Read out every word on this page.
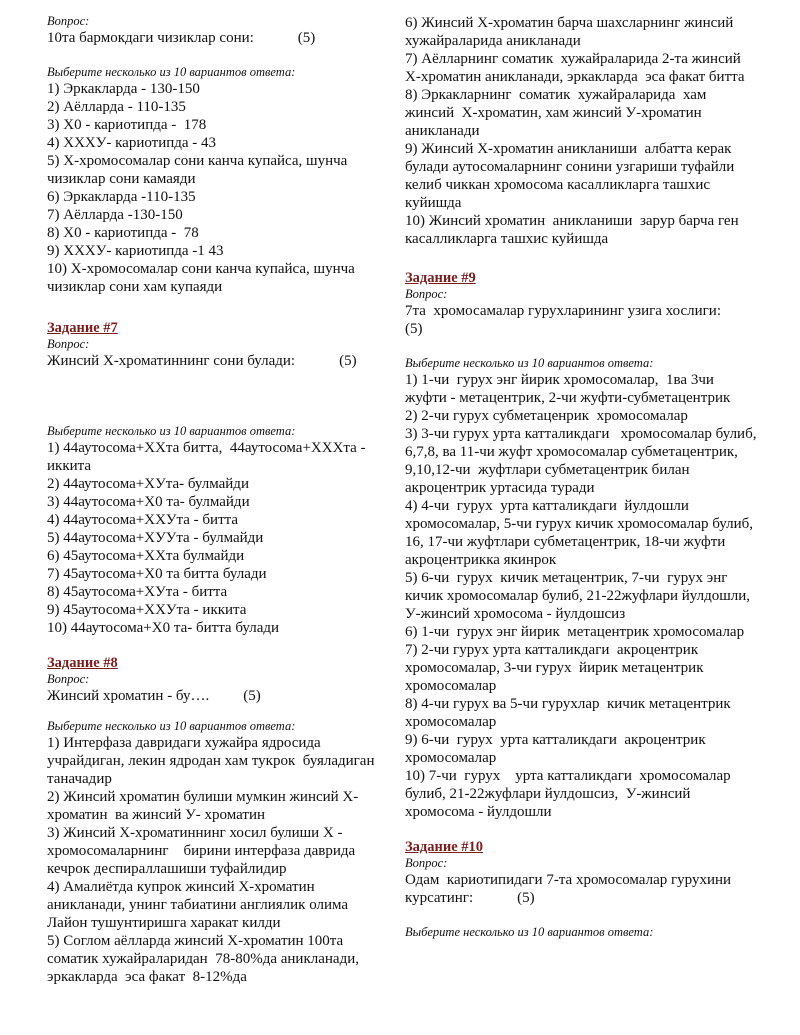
Вопрос:

10та бармокдаги чизиклар сони:	(5)

Выберите несколько из 10 вариантов ответа:

1) Эркакларда - 130-150

2) Аёлларда - 110-135

3) Х0 - кариотипда -  178

4) ХХХУ- кариотипда - 43

5) Х-хромосомалар сони канча купайса, шунча чизиклар сони камаяди

6) Эркакларда -110-135

7) Аёлларда -130-150

8) Х0 - кариотипда -  78

9) ХХХУ- кариотипда -1 43

10) Х-хромосомалар сони канча купайса, шунча чизиклар сони хам купаяди

Задание #7

Вопрос:

Жинсий Х-хроматиннинг сони булади:	(5)

Выберите несколько из 10 вариантов ответа:

1) 44аутосома+ХХта битта,  44аутосома+ХХХта - иккита

2) 44аутосома+ХУта- булмайди

3) 44аутосома+Х0 та- булмайди

4) 44аутосома+ХХУта - битта

5) 44аутосома+ХУУта - булмайди

6) 45аутосома+ХХта булмайди

7) 45аутосома+Х0 та битта булади

8) 45аутосома+ХУта - битта

9) 45аутосома+ХХУта - иккита

10) 44аутосома+Х0 та- битта булади

Задание #8

Вопрос:

Жинсий хроматин - бу…. (5)

Выберите несколько из 10 вариантов ответа:

1) Интерфаза давридаги хужайра ядросида учрайдиган, лекин ядродан хам тукрок  буяладиган таначадир

2) Жинсий хроматин булиши мумкин жинсий Х-хроматин  ва жинсий У- хроматин

3) Жинсий Х-хроматиннинг хосил булиши Х - хромосомаларнинг    бирини интерфаза даврида кечрок деспираллашиши туфайлидир

4) Амалиётда купрок жинсий Х-хроматин аникланади, унинг табиатини англиялик олима Лайон тушунтиришга харакат килди

5) Соглом аёлларда жинсий Х-хроматин 100та соматик хужайраларидан  78-80%да аникланади, эркакларда  эса факат  8-12%да

6) Жинсий Х-хроматин барча шахсларнинг жинсий хужайраларида аникланади

7) Аёлларнинг соматик  хужайраларида 2-та жинсий Х-хроматин аникланади, эркакларда  эса факат битта

8) Эркакларнинг  соматик  хужайраларида  хам жинсий  Х-хроматин, хам жинсий У-хроматин аникланади

9) Жинсий Х-хроматин аникланиши  албатта керак булади аутосомаларнинг сонини узгариши туфайли келиб чиккан хромосома касалликларга ташхис куйишда

10) Жинсий хроматин  аникланиши  зарур барча ген касалликларга ташхис куйишда

Задание #9

Вопрос:

7та  хромосамалар гурухларининг узига хослиги:
(5)

Выберите несколько из 10 вариантов ответа:

1) 1-чи  гурух энг йирик хромосомалар,  1ва 3чи жуфти - метацентрик, 2-чи жуфти-субметацентрик

2) 2-чи гурух субметаценрик  хромосомалар

3) 3-чи гурух урта катталикдаги   хромосомалар булиб,  6,7,8, ва 11-чи жуфт хромосомалар субметацентрик, 9,10,12-чи  жуфтлари субметацентрик билан акроцентрик уртасида туради

4) 4-чи  гурух  урта катталикдаги  йулдошли хромосомалар, 5-чи гурух кичик хромосомалар булиб,  16, 17-чи жуфтлари субметацентрик, 18-чи жуфти акроцентрикка якинрок

5) 6-чи  гурух  кичик метацентрик, 7-чи  гурух энг кичик хромосомалар булиб, 21-22жуфлари йулдошли,  У-жинсий хромосома - йулдошсиз

6) 1-чи  гурух энг йирик  метацентрик хромосомалар

7) 2-чи гурух урта катталикдаги  акроцентрик хромосомалар, 3-чи гурух  йирик метацентрик хромосомалар

8) 4-чи гурух ва 5-чи гурухлар  кичик метацентрик хромосомалар

9) 6-чи  гурух  урта катталикдаги  акроцентрик хромосомалар

10) 7-чи  гурух    урта катталикдаги  хромосомалар булиб, 21-22жуфлари йулдошсиз,  У-жинсий хромосома - йулдошли

Задание #10

Вопрос:

Одам  кариотипидаги 7-та хромосомалар гурухини курсатинг:	(5)

Выберите несколько из 10 вариантов ответа:
